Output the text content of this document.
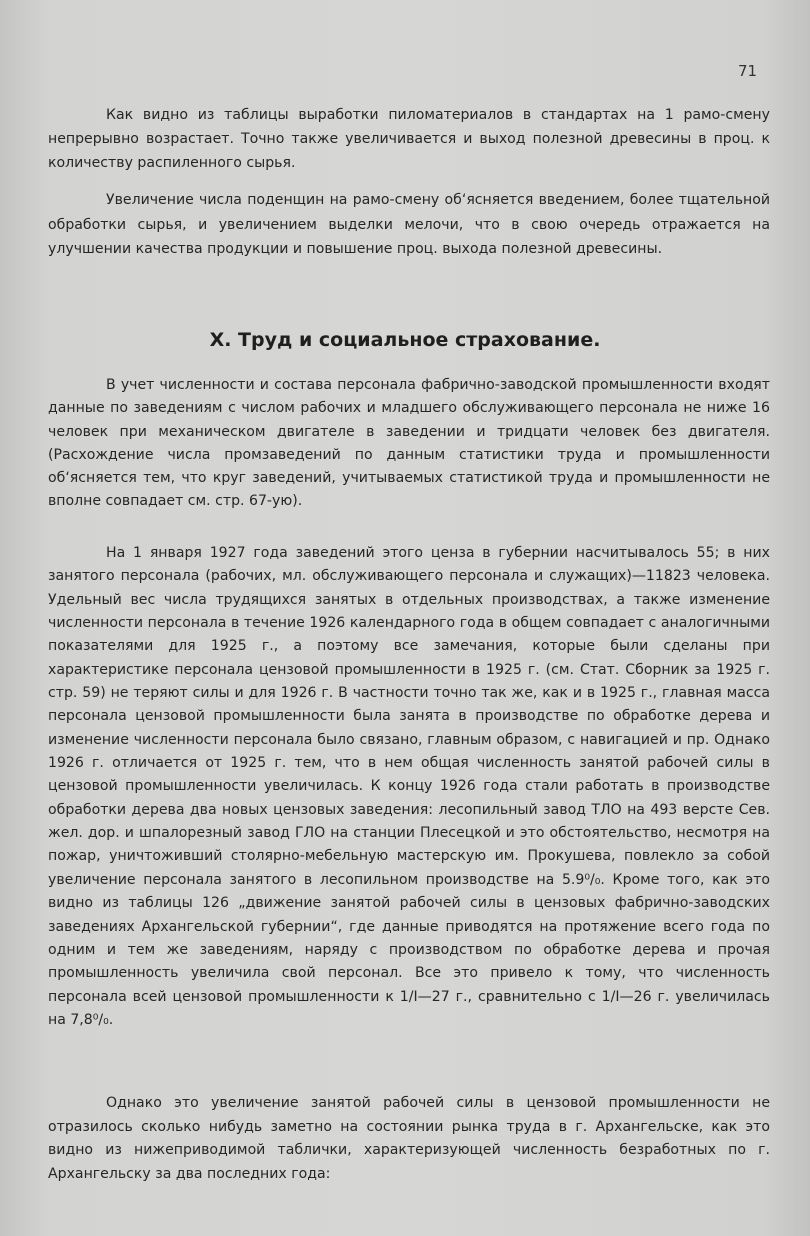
71

Как видно из таблицы выработки пиломатериалов в стандартах на 1 рамо-смену непрерывно возрастает. Точно также увеличивается и выход полезной древесины в проц. к количеству распиленного сырья.

Увеличение числа поденщин на рамо-смену об‘ясняется введением, более тщательной обработки сырья, и увеличением выделки мелочи, что в свою очередь отражается на улучшении качества продукции и повышение проц. выхода полезной древесины.

X. Труд и социальное страхование.

В учет численности и состава персонала фабрично-заводской промышленности входят данные по заведениям с числом рабочих и младшего обслуживающего персонала не ниже 16 человек при механическом двигателе в заведении и тридцати человек без двигателя. (Расхождение числа промзаведений по данным статистики труда и промышленности об‘ясняется тем, что круг заведений, учитываемых статистикой труда и промышленности не вполне совпадает см. стр. 67-ую).

На 1 января 1927 года заведений этого ценза в губернии насчитывалось 55; в них занятого персонала (рабочих, мл. обслуживающего персонала и служащих)—11823 человека. Удельный вес числа трудящихся занятых в отдельных производствах, а также изменение численности персонала в течение 1926 календарного года в общем совпадает с аналогичными показателями для 1925 г., а поэтому все замечания, которые были сделаны при характеристике персонала цензовой промышленности в 1925 г. (см. Стат. Сборник за 1925 г. стр. 59) не теряют силы и для 1926 г. В частности точно так же, как и в 1925 г., главная масса персонала цензовой промышленности была занята в производстве по обработке дерева и изменение численности персонала было связано, главным образом, с навигацией и пр. Однако 1926 г. отличается от 1925 г. тем, что в нем общая численность занятой рабочей силы в цензовой промышленности увеличилась. К концу 1926 года стали работать в производстве обработки дерева два новых цензовых заведения: лесопильный завод ТЛО на 493 версте Сев. жел. дор. и шпалорезный завод ГЛО на станции Плесецкой и это обстоятельство, несмотря на пожар, уничтоживший столярно-мебельную мастерскую им. Прокушева, повлекло за собой увеличение персонала занятого в лесопильном производстве на 5.9⁰/₀. Кроме того, как это видно из таблицы 126 „движение занятой рабочей силы в цензовых фабрично-заводских заведениях Архангельской губернии“, где данные приводятся на протяжение всего года по одним и тем же заведениям, наряду с производством по обработке дерева и прочая промышленность увеличила свой персонал. Все это привело к тому, что численность персонала всей цензовой промышленности к 1/I—27 г., сравнительно с 1/I—26 г. увеличилась на 7,8⁰/₀.

Однако это увеличение занятой рабочей силы в цензовой промышленности не отразилось сколько нибудь заметно на состоянии рынка труда в г. Архангельске, как это видно из нижеприводимой таблички, характеризующей численность безработных по г. Архангельску за два последних года:
